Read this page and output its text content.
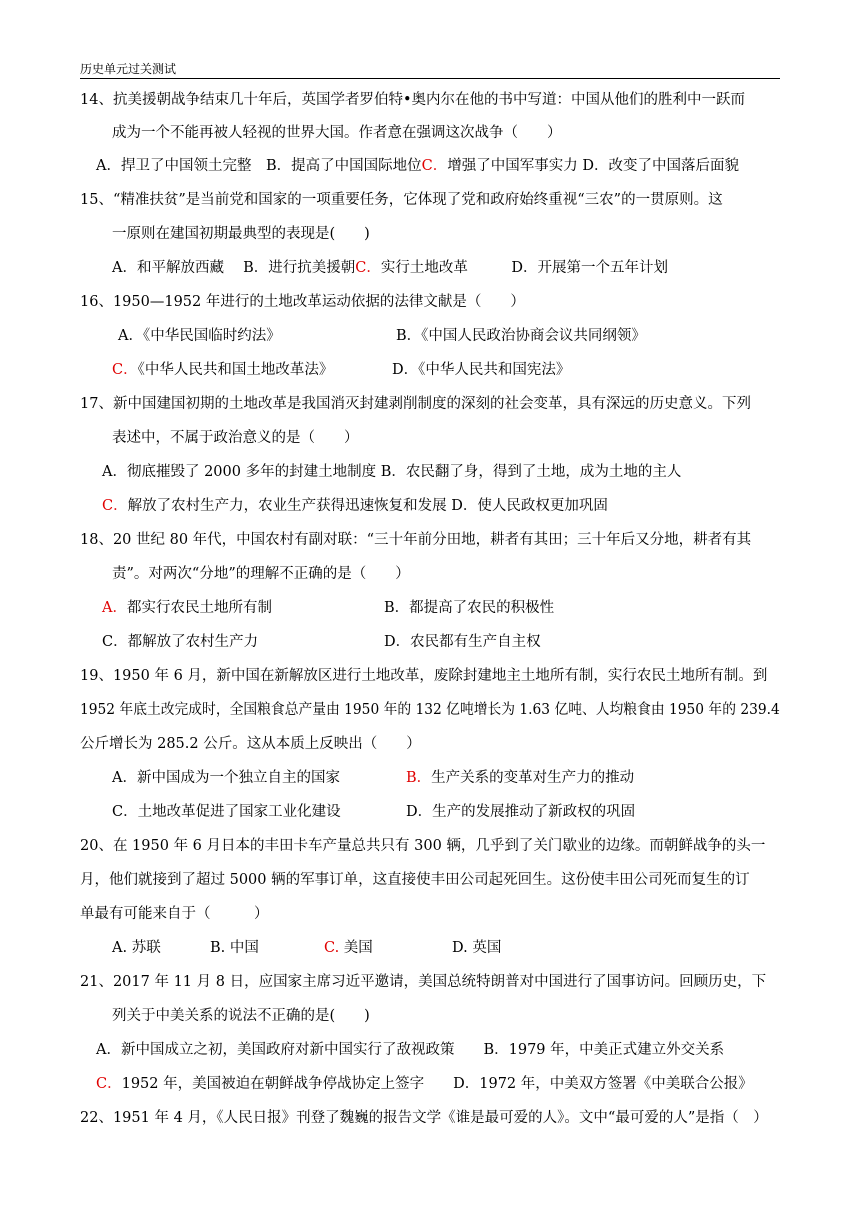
历史单元过关测试
14、抗美援朝战争结束几十年后，英国学者罗伯特•奥内尔在他的书中写道：中国从他们的胜利中一跃而
成为一个不能再被人轻视的世界大国。作者意在强调这次战争（　　）
A．捍卫了中国领土完整　B．提高了中国国际地位C．增强了中国军事实力 D．改变了中国落后面貌
15、“精准扶贫”是当前党和国家的一项重要任务，它体现了党和政府始终重视“三农”的一贯原则。这
一原则在建国初期最典型的表现是(　　)
A．和平解放西藏　 B．进行抗美援朝C．实行土地改革　　　D．开展第一个五年计划
16、1950—1952 年进行的土地改革运动依据的法律文献是（　　）
A．《中华民国临时约法》	B．《中国人民政治协商会议共同纲领》
C．《中华人民共和国土地改革法》	D．《中华人民共和国宪法》
17、新中国建国初期的土地改革是我国消灭封建剥削制度的深刻的社会变革，具有深远的历史意义。下列
表述中，不属于政治意义的是（　　）
A．彻底摧毁了 2000 多年的封建土地制度 B．农民翻了身，得到了土地，成为土地的主人
C．解放了农村生产力，农业生产获得迅速恢复和发展 D．使人民政权更加巩固
18、20 世纪 80 年代，中国农村有副对联：“三十年前分田地，耕者有其田；三十年后又分地，耕者有其
责”。对两次“分地”的理解不正确的是（　　）
A．都实行农民土地所有制	B．都提高了农民的积极性
C．都解放了农村生产力	D．农民都有生产自主权
19、1950 年 6 月，新中国在新解放区进行土地改革，废除封建地主土地所有制，实行农民土地所有制。到
1952 年底土改完成时，全国粮食总产量由 1950 年的 132 亿吨增长为 1.63 亿吨、人均粮食由 1950 年的 239.4
公斤增长为 285.2 公斤。这从本质上反映出（　　）
A．新中国成为一个独立自主的国家	B．生产关系的变革对生产力的推动
C．土地改革促进了国家工业化建设	D．生产的发展推动了新政权的巩固
20、在 1950 年 6 月日本的丰田卡车产量总共只有 300 辆，几乎到了关门歇业的边缘。而朝鲜战争的头一
月，他们就接到了超过 5000 辆的军事订单，这直接使丰田公司起死回生。这份使丰田公司死而复生的订
单最有可能来自于（　　　）
A. 苏联	B. 中国	C. 美国	D. 英国
21、2017 年 11 月 8 日，应国家主席习近平邀请，美国总统特朗普对中国进行了国事访问。回顾历史，下
列关于中美关系的说法不正确的是(　　)
A．新中国成立之初，美国政府对新中国实行了敌视政策　　B．1979 年，中美正式建立外交关系
C．1952 年，美国被迫在朝鲜战争停战协定上签字　　D．1972 年，中美双方签署《中美联合公报》
22、1951 年 4 月，《人民日报》刊登了魏巍的报告文学《谁是最可爱的人》。文中“最可爱的人”是指（　）
